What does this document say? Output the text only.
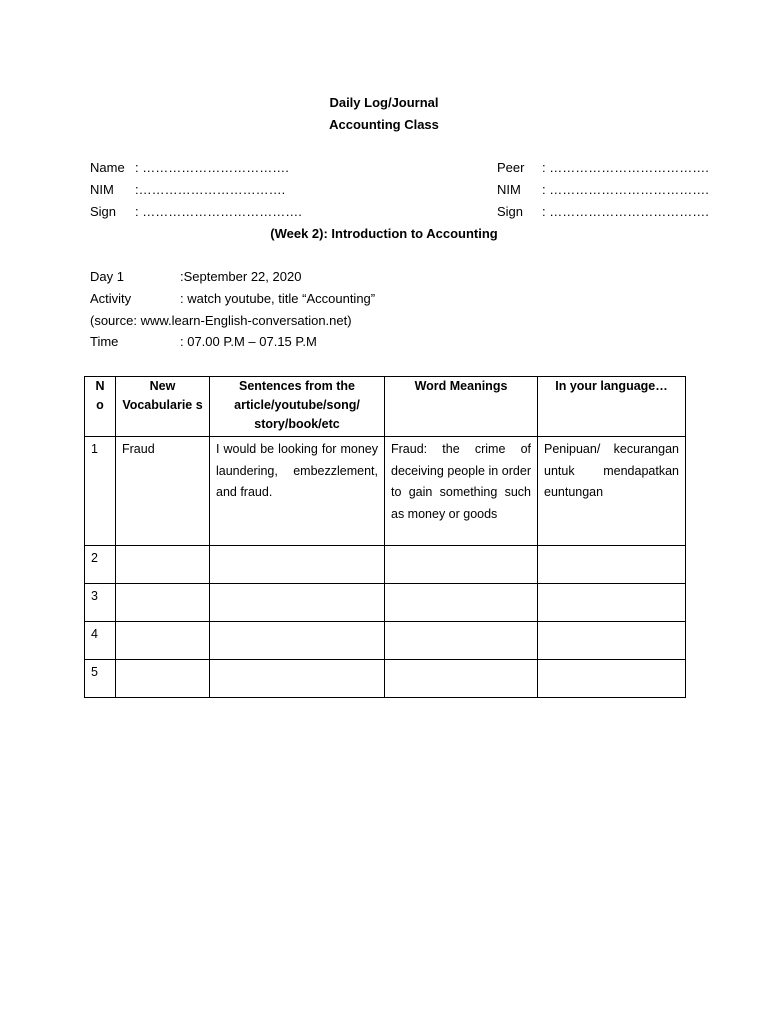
Daily Log/Journal
Accounting Class
Name : …………………………….
NIM :…………………………….
Sign : ……………………………….
Peer : ……………………………….
NIM : ……………………………….
Sign : ……………………………….
(Week 2): Introduction to Accounting
Day 1	:September 22, 2020
Activity	: watch youtube, title “Accounting”
(source: www.learn-English-conversation.net)
Time	: 07.00 P.M – 07.15 P.M
N o	New Vocabularie s	Sentences from the article/youtube/song/ story/book/etc	Word Meanings	In your language…
1	Fraud	I would be looking for money laundering, embezzlement, and fraud.	Fraud: the crime of deceiving people in order to gain something such as money or goods	Penipuan/ kecurangan untuk mendapatkan euntungan
2				
3				
4				
5				
